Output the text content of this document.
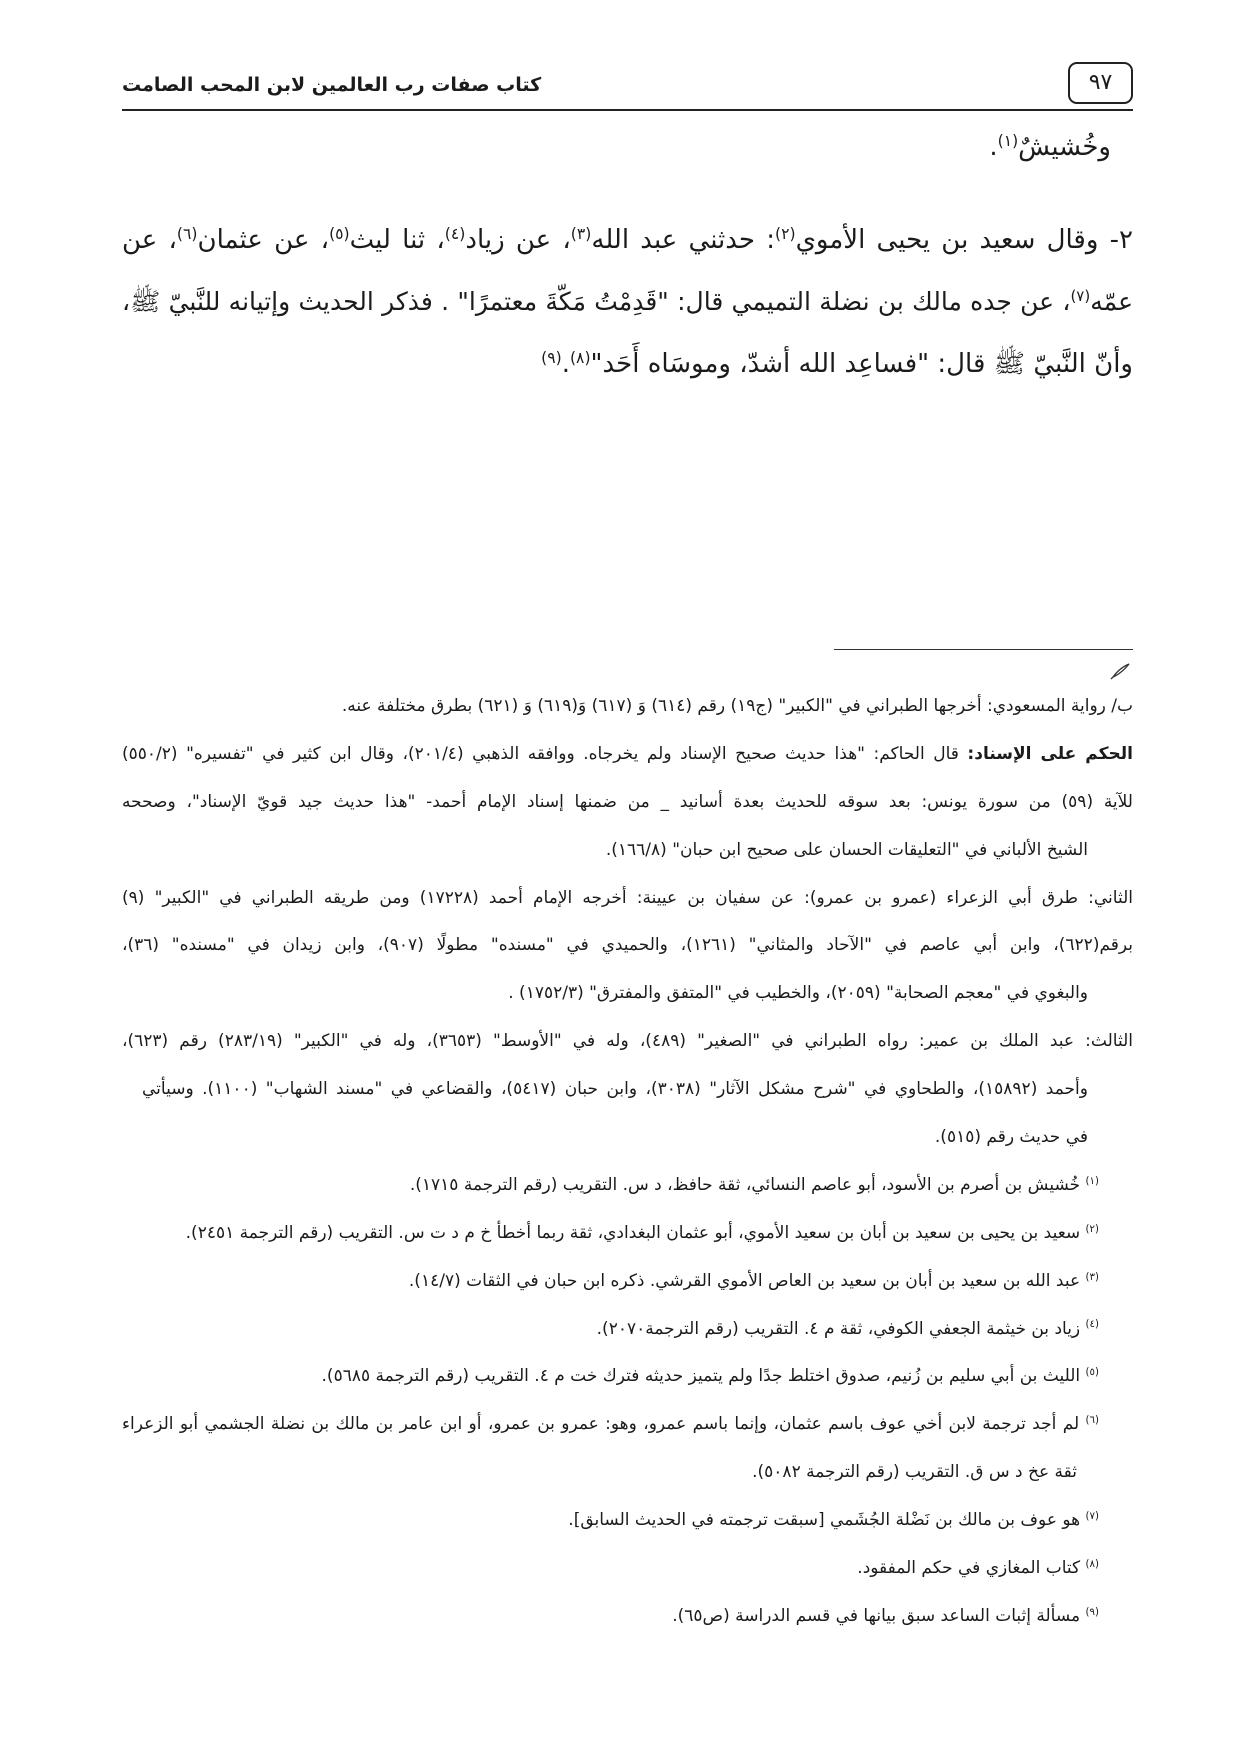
كتاب صفات رب العالمين لابن المحب الصامت	٩٧
وخُشيشٌ$^{(١)}$.
٢- وقال سعيد بن يحيى الأموي$^{(٢)}$: حدثني عبد الله$^{(٣)}$، عن زياد$^{(٤)}$، ثنا ليث$^{(٥)}$، عن عثمان$^{(٦)}$، عن
عمّه$^{(٧)}$، عن جده مالك بن نضلة التميمي قال: "قَدِمْتُ مَكّةَ معتمرًا" . فذكر الحديث وإتيانه للنَّبيّ ﷺ،
وأنّ النَّبيّ ﷺ قال: "فساعِد الله أشدّ، وموسَاه أَحَد"$^{(٨)}$.$^{(٩)}$
ب/ رواية المسعودي: أخرجها الطبراني في "الكبير" (ج١٩) رقم (٦١٤) وَ (٦١٧) وَ(٦١٩) وَ (٦٢١) بطرق مختلفة عنه.
الحكم على الإسناد: قال الحاكم: "هذا حديث صحيح الإسناد ولم يخرجاه. ووافقه الذهبي (٢٠١/٤)، وقال ابن كثير في "تفسيره" (٥٥٠/٢)
للآية (٥٩) من سورة يونس: بعد سوقه للحديث بعدة أسانيد _ من ضمنها إسناد الإمام أحمد- "هذا حديث جيد قويّ الإسناد"، وصححه
الشيخ الألباني في "التعليقات الحسان على صحيح ابن حبان" (١٦٦/٨).
الثاني: طرق أبي الزعراء (عمرو بن عمرو): عن سفيان بن عيينة: أخرجه الإمام أحمد (١٧٢٢٨) ومن طريقه الطبراني في "الكبير" (٩)
برقم(٦٢٢)، وابن أبي عاصم في "الآحاد والمثاني" (١٢٦١)، والحميدي في "مسنده" مطولًا (٩٠٧)، وابن زيدان في "مسنده" (٣٦)،
والبغوي في "معجم الصحابة" (٢٠٥٩)، والخطيب في "المتفق والمفترق" (١٧٥٢/٣) .
الثالث: عبد الملك بن عمير: رواه الطبراني في "الصغير" (٤٨٩)، وله في "الأوسط" (٣٦٥٣)، وله في "الكبير" (٢٨٣/١٩) رقم (٦٢٣)،
وأحمد (١٥٨٩٢)، والطحاوي في "شرح مشكل الآثار" (٣٠٣٨)، وابن حبان (٥٤١٧)، والقضاعي في "مسند الشهاب" (١١٠٠). وسيأتي
في حديث رقم (٥١٥).
$^{(١)}$ خُشيش بن أصرم بن الأسود، أبو عاصم النسائي، ثقة حافظ، د س. التقريب (رقم الترجمة ١٧١٥).
$^{(٢)}$ سعيد بن يحيى بن سعيد بن أبان بن سعيد الأموي، أبو عثمان البغدادي، ثقة ربما أخطأ خ م د ت س. التقريب (رقم الترجمة ٢٤٥١).
$^{(٣)}$ عبد الله بن سعيد بن أبان بن سعيد بن العاص الأموي القرشي. ذكره ابن حبان في الثقات (١٤/٧).
$^{(٤)}$ زياد بن خيثمة الجعفي الكوفي، ثقة م ٤. التقريب (رقم الترجمة٢٠٧٠).
$^{(٥)}$ الليث بن أبي سليم بن زُنيم، صدوق اختلط جدًا ولم يتميز حديثه فترك خت م ٤. التقريب (رقم الترجمة ٥٦٨٥).
$^{(٦)}$ لم أجد ترجمة لابن أخي عوف باسم عثمان، وإنما باسم عمرو، وهو: عمرو بن عمرو، أو ابن عامر بن مالك بن نضلة الجشمي أبو الزعراء
ثقة عخ د س ق. التقريب (رقم الترجمة ٥٠٨٢).
$^{(٧)}$ هو عوف بن مالك بن نَضْلة الجُشَمي [سبقت ترجمته في الحديث السابق].
$^{(٨)}$ كتاب المغازي في حكم المفقود.
$^{(٩)}$ مسألة إثبات الساعد سبق بيانها في قسم الدراسة (ص٦٥).
